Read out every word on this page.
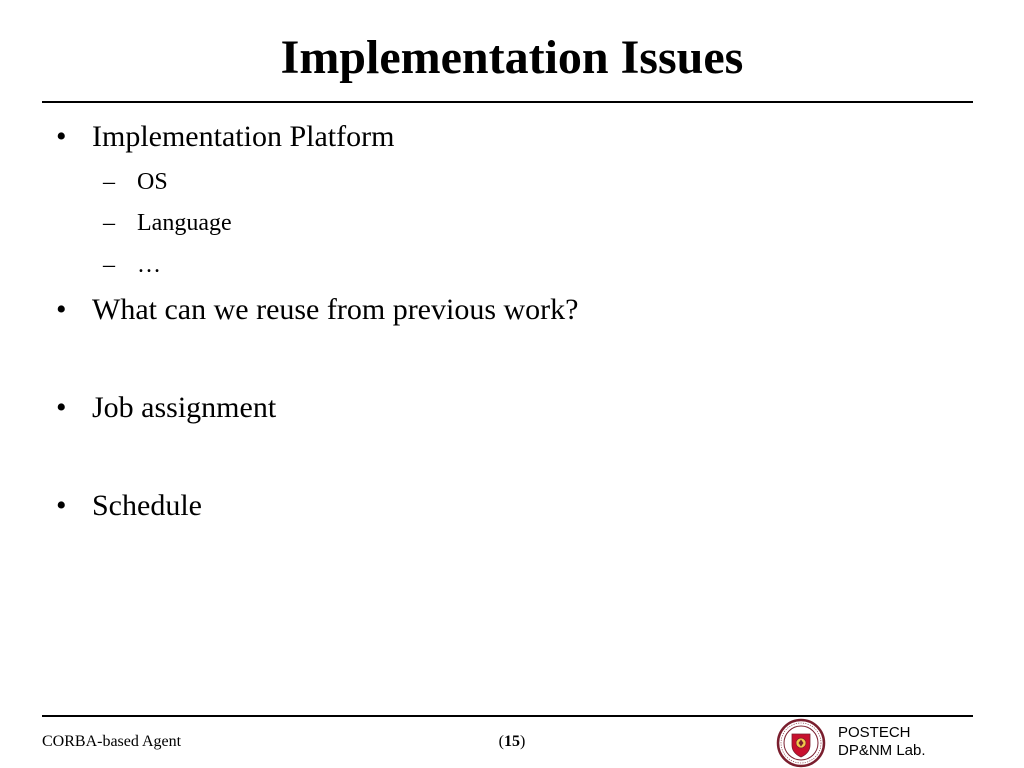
Implementation Issues
• Implementation Platform
– OS
– Language
– …
• What can we reuse from previous work?
• Job assignment
• Schedule
CORBA-based Agent	(15)
POSTECH
DP&NM Lab.
